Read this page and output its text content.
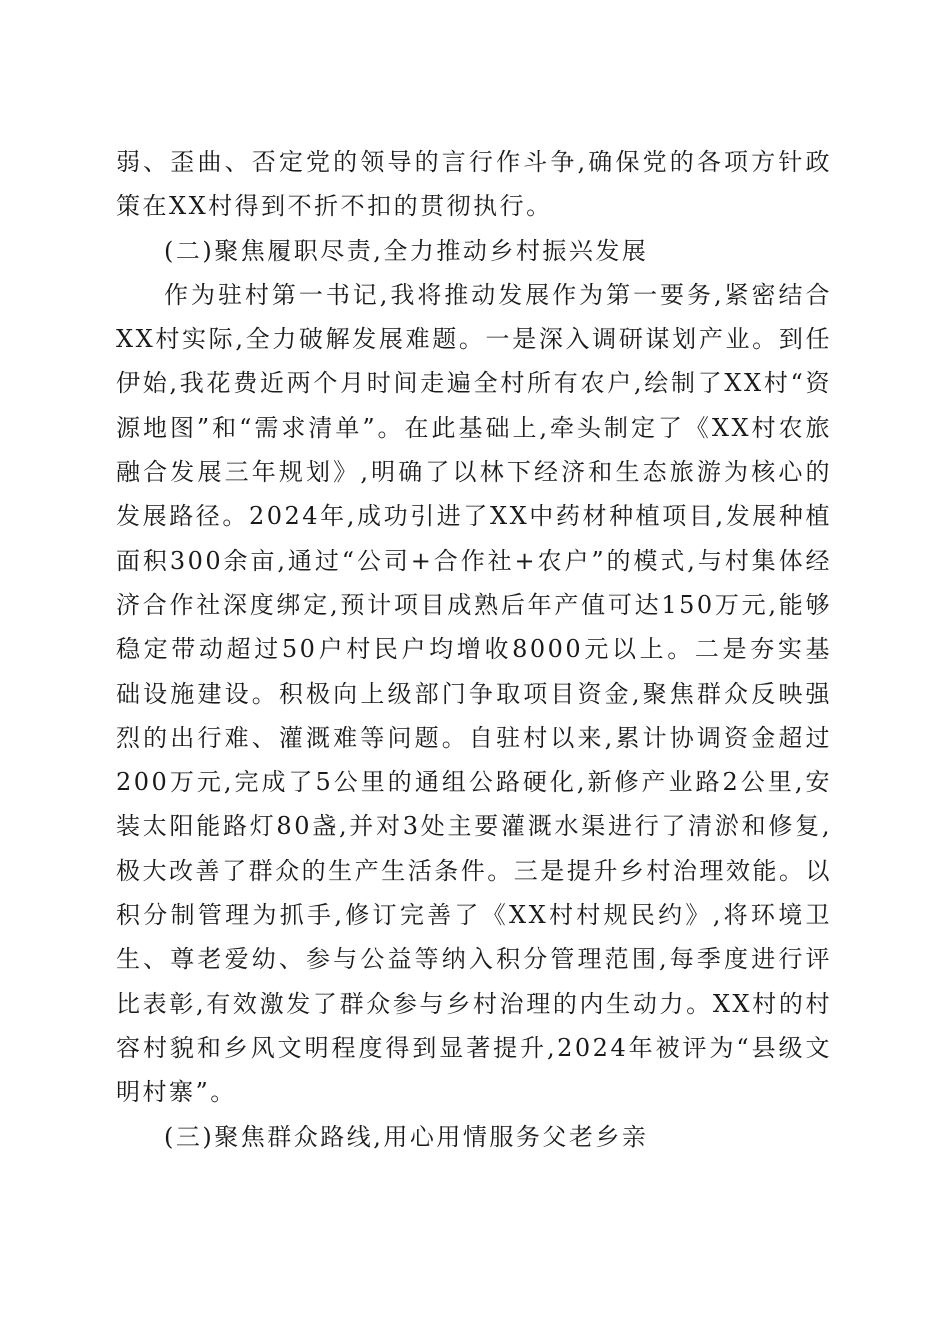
弱、歪曲、否定党的领导的言行作斗争,确保党的各项方针政策在XX村得到不折不扣的贯彻执行。

(二)聚焦履职尽责,全力推动乡村振兴发展

作为驻村第一书记,我将推动发展作为第一要务,紧密结合XX村实际,全力破解发展难题。一是深入调研谋划产业。到任伊始,我花费近两个月时间走遍全村所有农户,绘制了XX村“资源地图”和“需求清单”。在此基础上,牵头制定了《XX村农旅融合发展三年规划》,明确了以林下经济和生态旅游为核心的发展路径。2024年,成功引进了XX中药材种植项目,发展种植面积300余亩,通过“公司+合作社+农户”的模式,与村集体经济合作社深度绑定,预计项目成熟后年产值可达150万元,能够稳定带动超过50户村民户均增收8000元以上。二是夯实基础设施建设。积极向上级部门争取项目资金,聚焦群众反映强烈的出行难、灌溉难等问题。自驻村以来,累计协调资金超过200万元,完成了5公里的通组公路硬化,新修产业路2公里,安装太阳能路灯80盏,并对3处主要灌溉水渠进行了清淤和修复,极大改善了群众的生产生活条件。三是提升乡村治理效能。以积分制管理为抓手,修订完善了《XX村村规民约》,将环境卫生、尊老爱幼、参与公益等纳入积分管理范围,每季度进行评比表彰,有效激发了群众参与乡村治理的内生动力。XX村的村容村貌和乡风文明程度得到显著提升,2024年被评为“县级文明村寨”。

(三)聚焦群众路线,用心用情服务父老乡亲
